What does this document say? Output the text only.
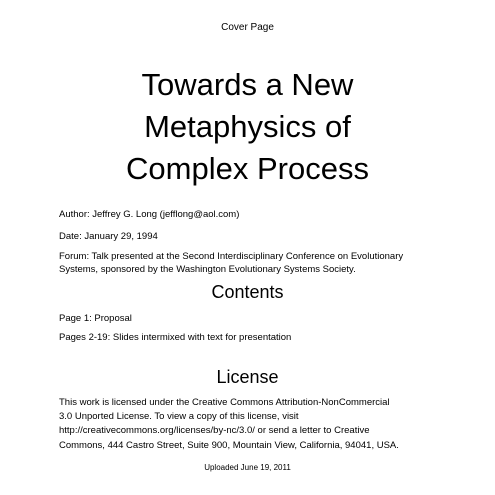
Cover Page
Towards a New
Metaphysics of
Complex Process
Author: Jeffrey G. Long (jefflong@aol.com)
Date: January 29, 1994
Forum: Talk presented at the Second Interdisciplinary Conference on Evolutionary
Systems, sponsored by the Washington Evolutionary Systems Society.
Contents
Page 1: Proposal
Pages 2-19: Slides intermixed with text for presentation
License
This work is licensed under the Creative Commons Attribution-NonCommercial
3.0 Unported License. To view a copy of this license, visit
http://creativecommons.org/licenses/by-nc/3.0/ or send a letter to Creative
Commons, 444 Castro Street, Suite 900, Mountain View, California, 94041, USA.
Uploaded June 19, 2011
